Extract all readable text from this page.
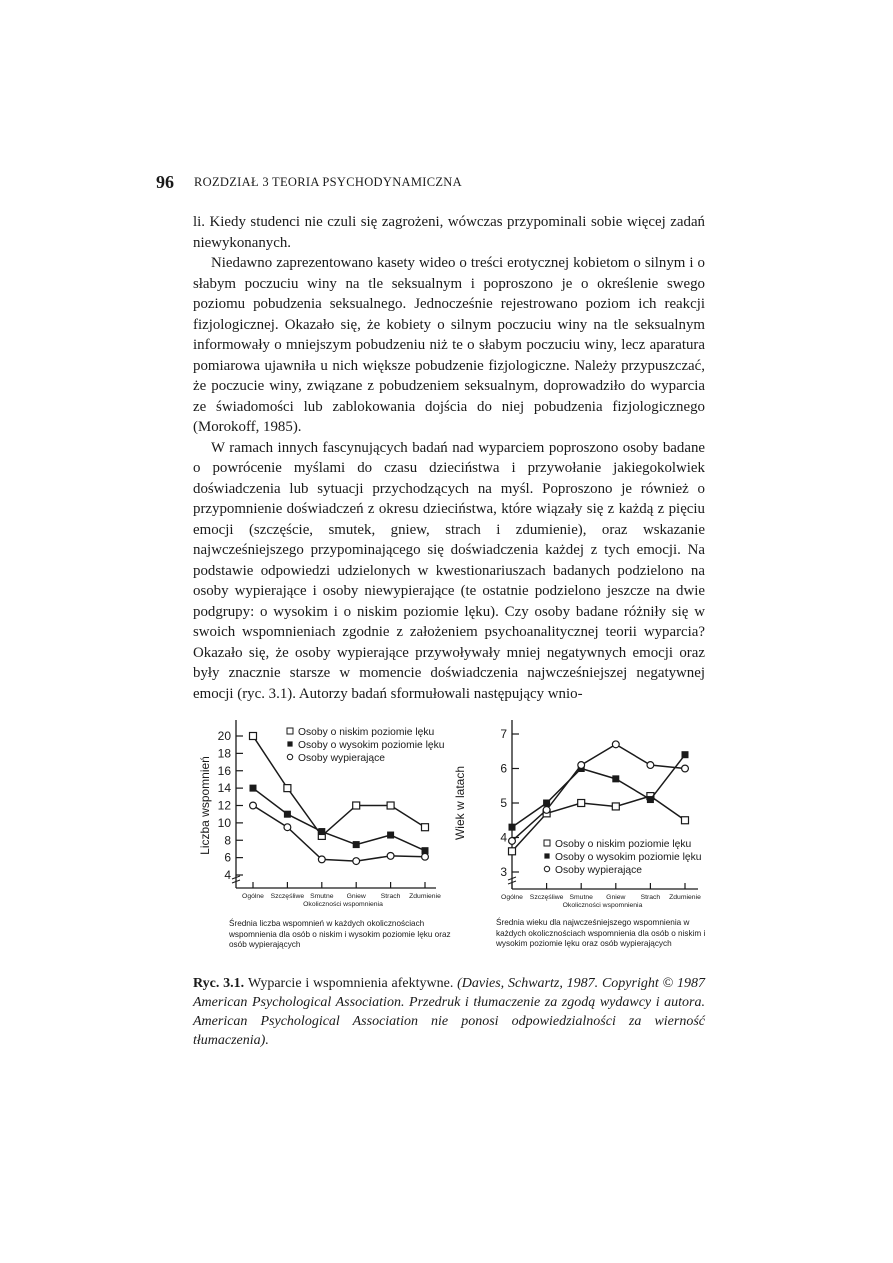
96 ROZDZIAŁ 3 TEORIA PSYCHODYNAMICZNA

li. Kiedy studenci nie czuli się zagrożeni, wówczas przypominali sobie więcej zadań niewykonanych.

Niedawno zaprezentowano kasety wideo o treści erotycznej kobietom o silnym i o słabym poczuciu winy na tle seksualnym i poproszono je o określenie swego poziomu pobudzenia seksualnego. Jednocześnie rejestrowano poziom ich reakcji fizjologicznej. Okazało się, że kobiety o silnym poczuciu winy na tle seksualnym informowały o mniejszym pobudzeniu niż te o słabym poczuciu winy, lecz aparatura pomiarowa ujawniła u nich większe pobudzenie fizjologiczne. Należy przypuszczać, że poczucie winy, związane z pobudzeniem seksualnym, doprowadziło do wyparcia ze świadomości lub zablokowania dojścia do niej pobudzenia fizjologicznego (Morokoff, 1985).

W ramach innych fascynujących badań nad wyparciem poproszono osoby badane o powrócenie myślami do czasu dzieciństwa i przywołanie jakiegokolwiek doświadczenia lub sytuacji przychodzących na myśl. Poproszono je również o przypomnienie doświadczeń z okresu dzieciństwa, które wiązały się z każdą z pięciu emocji (szczęście, smutek, gniew, strach i zdumienie), oraz wskazanie najwcześniejszego przypominającego się doświadczenia każdej z tych emocji. Na podstawie odpowiedzi udzielonych w kwestionariuszach badanych podzielono na osoby wypierające i osoby niewypierające (te ostatnie podzielono jeszcze na dwie podgrupy: o wysokim i o niskim poziomie lęku). Czy osoby badane różniły się w swoich wspomnieniach zgodnie z założeniem psychoanalitycznej teorii wyparcia? Okazało się, że osoby wypierające przywoływały mniej negatywnych emocji oraz były znacznie starsze w momencie doświadczenia najwcześniejszej negatywnej emocji (ryc. 3.1). Autorzy badań sformułowali następujący wnio-

4
6
8
10
12
14
16
18
20
Ogólne Szczęśliwe Smutne Gniew Strach Zdumienie
Okoliczności wspomnienia
Liczba wspomnień
Osoby o niskim poziomie lęku
Osoby o wysokim poziomie lęku
Osoby wypierające
Średnia liczba wspomnień w każdych okolicznościach wspomnienia dla osób o niskim i wysokim poziomie lęku oraz osób wypierających
3
4
5
6
7
Ogólne Szczęśliwe Smutne Gniew Strach Zdumienie
Okoliczności wspomnienia
Wiek w latach
Osoby o niskim poziomie lęku
Osoby o wysokim poziomie lęku
Osoby wypierające
Średnia wieku dla najwcześniejszego wspomnienia w każdych okolicznościach wspomnienia dla osób o niskim i wysokim poziomie lęku oraz osób wypierających
Ryc. 3.1. Wyparcie i wspomnienia afektywne. (Davies, Schwartz, 1987. Copyright © 1987 American Psychological Association. Przedruk i tłumaczenie za zgodą wydawcy i autora. American Psychological Association nie ponosi odpowiedzialności za wierność tłumaczenia).
